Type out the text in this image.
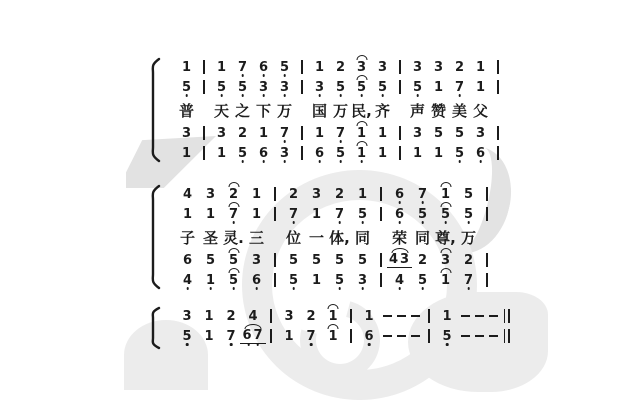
1 1 7 6 5 1 2 3 3 3 3 2 1
5 5 5 3 3 3 5 5 5 5 1 7 1
普 天 之 下 万 国 万 民, 齐 声 赞 美 父
3 3 2 1 7 1 7 1 1 3 5 5 3
1 1 5 6 3 6 5 1 1 1 1 5 6
4 3 2 1 2 3 2 1 6 7 1 5
1 1 7 1 7 1 7 5 6 5 5 5
子 圣 灵. 三 位 一 体, 同 荣 同 尊, 万
6 5 5 3 5 5 5 5 43 2 3 2
4 1 5 6 5 1 5 3 4 5 1 7
3 1 2 4 3 2 1 1	1
5 1 7 67 1 7 1 6	5
